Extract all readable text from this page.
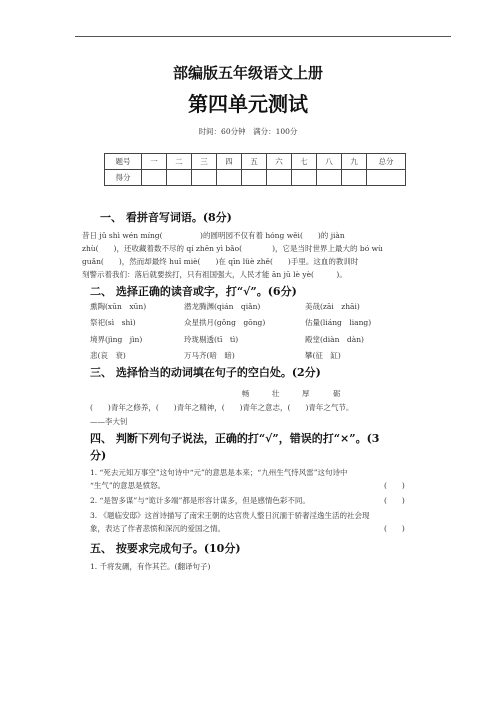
部编版五年级语文上册
第四单元测试
时间：60分钟　满分：100分
题号	一	二	三	四	五	六	七	八	九	总分
得分										
一、 看拼音写词语。(8分)
昔日 jǔ shì wén míng(　　　　　)的圆明园不仅有着 hóng wěi(　　)的 jiàn
zhù(　　)，还收藏着数不尽的 qí zhēn yì bǎo(　　　　)，它是当时世界上最大的 bó wù
guǎn(　　)，然而却最终 huǐ miè(　　)在 qīn lüè zhě(　　)手里。这血的教训时
刻警示着我们：落后就要挨打，只有祖国强大，人民才能 ān jū lè yè(　　　)。
二、 选择正确的读音或字，打“√”。(6分)
熏陶(xūn　xūn)	潜龙腾渊(qián　qiǎn)	美哉(zāi　zhāi)
祭祀(sì　shì)	众星拱月(gǒng　gōng)	估量(liáng　liang)
境界(jìng　jìn)	玲珑剔透(tī　tì)	殿堂(diàn　dàn)
悲(哀　衰)	万马齐(喑　暗)	攀(征　缸)
三、 选择恰当的动词填在句子的空白处。(2分)
畅	壮	厚	砺
(　　)青年之修养，(　　)青年之精神，(　　)青年之意志，(　　)青年之气节。
——李大钊
四、 判断下列句子说法，正确的打“√”，错误的打“×”。(3
分)
1. “死去元知万事空”这句诗中“元”的意思是本来；“九州生气恃风雷”这句诗中
“生气”的意思是愤怒。	(　　)
2. “是智多谋”与“诡计多端”都是形容计谋多，但是感情色彩不同。	(　　)
3. 《题临安邸》这首诗描写了南宋王朝的达官贵人整日沉湎于骄奢淫逸生活的社会现
象，表达了作者悲愤和深沉的爱国之情。	(　　)
五、 按要求完成句子。(10分)
1. 千将发硎，有作其芒。(翻译句子)
